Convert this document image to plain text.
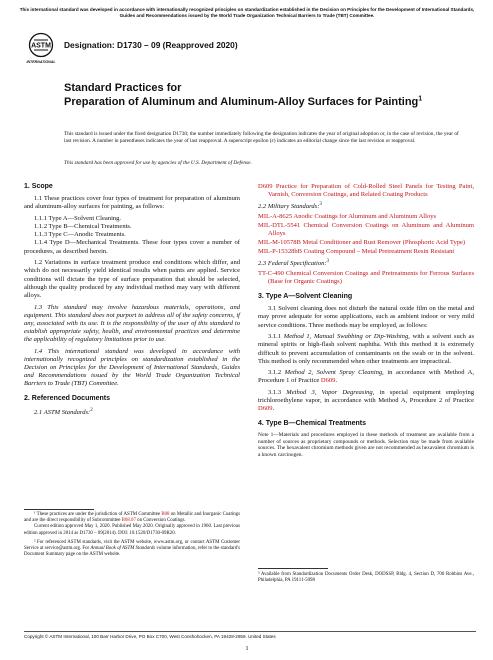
This international standard was developed in accordance with internationally recognized principles on standardization established in the Decision on Principles for the Development of International Standards, Guides and Recommendations issued by the World Trade Organization Technical Barriers to Trade (TBT) Committee.
ASTM
INTERNATIONAL
Designation: D1730 – 09 (Reapproved 2020)
Standard Practices for
Preparation of Aluminum and Aluminum-Alloy Surfaces for Painting$^1$
This standard is issued under the fixed designation D1730; the number immediately following the designation indicates the year of original adoption or, in the case of revision, the year of last revision. A number in parentheses indicates the year of last reapproval. A superscript epsilon (ε) indicates an editorial change since the last revision or reapproval.
This standard has been approved for use by agencies of the U.S. Department of Defense.
1. Scope

1.1 These practices cover four types of treatment for preparation of aluminum and aluminum-alloy surfaces for painting, as follows:

1.1.1 Type A—Solvent Cleaning.

1.1.2 Type B—Chemical Treatments.

1.1.3 Type C—Anodic Treatments.

1.1.4 Type D—Mechanical Treatments. These four types cover a number of procedures, as described herein.

1.2 Variations in surface treatment produce end conditions which differ, and which do not necessarily yield identical results when paints are applied. Service conditions will dictate the type of surface preparation that should be selected, although the quality produced by any individual method may vary with different alloys.

1.3 This standard may involve hazardous materials, operations, and equipment. This standard does not purport to address all of the safety concerns, if any, associated with its use. It is the responsibility of the user of this standard to establish appropriate safety, health, and environmental practices and determine the applicability of regulatory limitations prior to use.

1.4 This international standard was developed in accordance with internationally recognized principles on standardization established in the Decision on Principles for the Development of International Standards, Guides and Recommendations issued by the World Trade Organization Technical Barriers to Trade (TBT) Committee.

2. Referenced Documents

2.1 ASTM Standards:$^2$

¹ These practices are under the jurisdiction of ASTM Committee B08 on Metallic and Inorganic Coatings and are the direct responsibility of Subcommittee B08.07 on Conversion Coatings.

Current edition approved May 1, 2020. Published May 2020. Originally approved in 1960. Last previous edition approved in 2014 as D1730 – 09(2014). DOI: 10.1520/D1730-09R20.

² For referenced ASTM standards, visit the ASTM website, www.astm.org, or contact ASTM Customer Service at service@astm.org. For Annual Book of ASTM Standards volume information, refer to the standard's Document Summary page on the ASTM website.

D609 Practice for Preparation of Cold-Rolled Steel Panels for Testing Paint, Varnish, Conversion Coatings, and Related Coating Products

2.2 Military Standards:$^3$

MIL-A-8625 Anodic Coatings for Aluminum and Aluminum Alloys

MIL-DTL-5541 Chemical Conversion Coatings on Aluminum and Aluminum Alloys

MIL-M-10578B Metal Conditioner and Rust Remover (Phosphoric Acid Type)

MIL-P-15328bB Coating Compound – Metal Pretreatment Resin Resistant

2.3 Federal Specification:$^3$

TT-C-490 Chemical Conversion Coatings and Pretreatments for Ferrous Surfaces (Base for Organic Coatings)

3. Type A—Solvent Cleaning

3.1 Solvent cleaning does not disturb the natural oxide film on the metal and may prove adequate for some applications, such as ambient indoor or very mild service conditions. Three methods may be employed, as follows:

3.1.1 Method 1, Manual Swabbing or Dip-Washing, with a solvent such as mineral spirits or high-flash solvent naphtha. With this method it is extremely difficult to prevent accumulation of contaminants on the swab or in the solvent. This method is only recommended when other treatments are impractical.

3.1.2 Method 2, Solvent Spray Cleaning, in accordance with Method A, Procedure 1 of Practice D609.

3.1.3 Method 3, Vapor Degreasing, in special equipment employing trichloroethylene vapor, in accordance with Method A, Procedure 2 of Practice D609.

4. Type B—Chemical Treatments
Note 1—Materials and procedures employed in these methods of treatment are available from a number of sources as proprietary compounds or methods. Selection may be made from available sources. The hexavalent chromium methods given are not recommended as hexavalent chromium is a known carcinogen.
³ Available from Standardization Documents Order Desk, DODSSP, Bldg. 4, Section D, 700 Robbins Ave., Philadelphia, PA 19111-5098
Copyright © ASTM International, 100 Barr Harbor Drive, PO Box C700, West Conshohocken, PA 19428-2959. United States
1
